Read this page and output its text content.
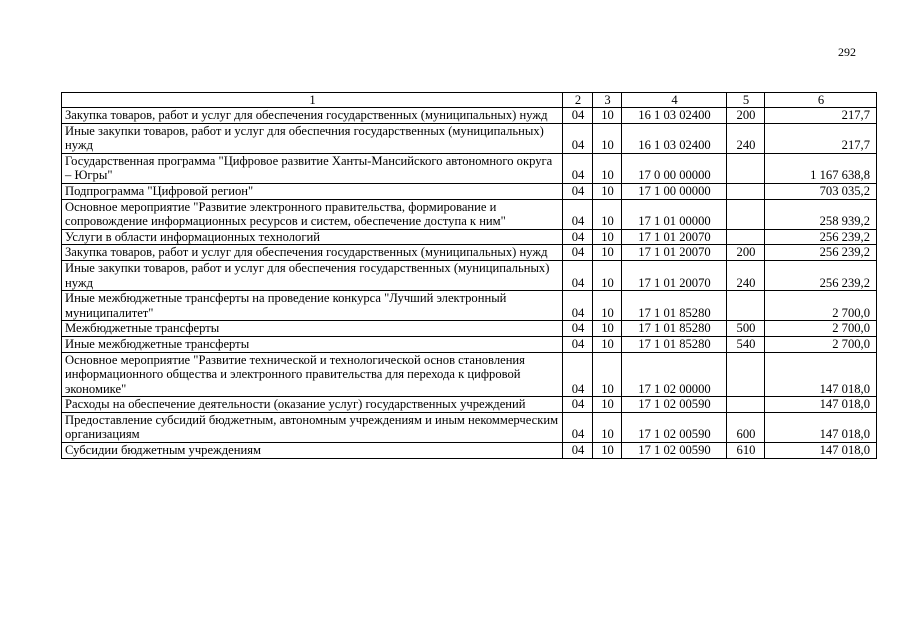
292
1	2	3	4	5	6
Закупка товаров, работ и услуг для обеспечения государственных (муниципальных) нужд	04	10	16 1 03 02400	200	217,7
Иные закупки товаров, работ и услуг для обеспечния государственных (муниципальных) нужд	04	10	16 1 03 02400	240	217,7
Государственная программа "Цифровое развитие Ханты-Мансийского автономного округа – Югры"	04	10	17 0 00 00000		1 167 638,8
Подпрограмма "Цифровой регион"	04	10	17 1 00 00000		703 035,2
Основное мероприятие "Развитие электронного правительства, формирование и сопровождение информационных ресурсов и систем, обеспечение доступа к ним"	04	10	17 1 01 00000		258 939,2
Услуги в области информационных технологий	04	10	17 1 01 20070		256 239,2
Закупка товаров, работ и услуг для обеспечения государственных (муниципальных) нужд	04	10	17 1 01 20070	200	256 239,2
Иные закупки товаров, работ и услуг для обеспечения государственных (муниципальных) нужд	04	10	17 1 01 20070	240	256 239,2
Иные межбюджетные трансферты на проведение конкурса "Лучший электронный муниципалитет"	04	10	17 1 01 85280		2 700,0
Межбюджетные трансферты	04	10	17 1 01 85280	500	2 700,0
Иные межбюджетные трансферты	04	10	17 1 01 85280	540	2 700,0
Основное мероприятие "Развитие технической и технологической основ становления информационного общества и электронного правительства для перехода к цифровой экономике"	04	10	17 1 02 00000		147 018,0
Расходы на обеспечение деятельности (оказание услуг) государственных учреждений	04	10	17 1 02 00590		147 018,0
Предоставление субсидий бюджетным, автономным учреждениям и иным некоммерческим организациям	04	10	17 1 02 00590	600	147 018,0
Субсидии бюджетным учреждениям	04	10	17 1 02 00590	610	147 018,0
